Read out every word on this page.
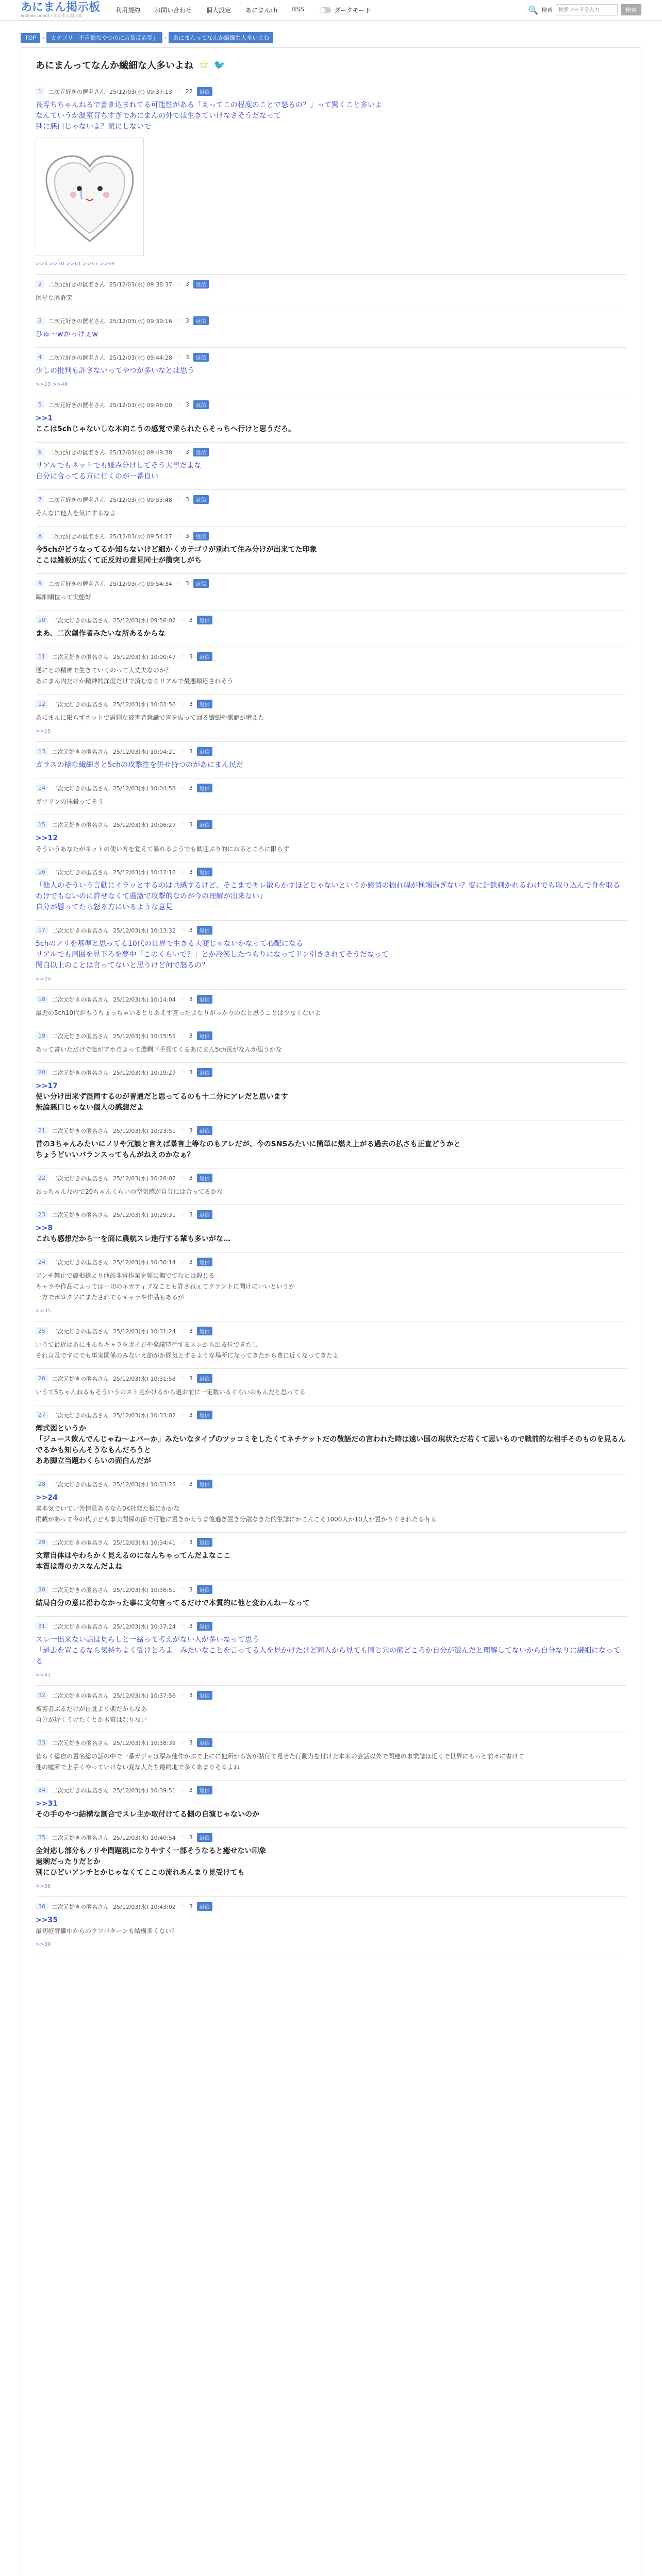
あにまん掲示板
animan board / あにまん掲示板
利用規約 お問い合わせ 個人設定 あにまんch RSS	ダークモード	🔍 検索
検索ワードを入力	検索
TOP	›	カテゴリ「不自然なやつのに言及反応等」	›	あにまんってなんか繊細な人多いよね
あにまんってなんか繊細な人多いよね ☆ 🐦
1	二次元好きの匿名さん 25/12/03(水) 09:37:13 ♡ 22	返信
長寿ちちゃんねるで書き込まれてる可能性がある「えってこの程度のことで怒るの？」って驚くこと多いよ
なんていうか温室育ちすぎであにまんの外では生きていけなさそうだなって
別に悪口じゃないよ？気にしないで
>>4 >>70 >>61 >>67 >>68
2	二次元好きの匿名さん 25/12/03(水) 09:38:37 ♡ 3	返信
図星な匿許笑
3	二次元好きの匿名さん 25/12/03(水) 09:39:16 ♡ 3	返信
ひゅ〜wかっけぇw
4	二次元好きの匿名さん 25/12/03(水) 09:44:28 ♡ 3	返信
少しの批判も許さないってやつが多いなとは思う
>>13 >>46
5	二次元好きの匿名さん 25/12/03(水) 09:46:00 ♡ 3	返信
>>1
ここは5chじゃないしな本向こうの感覚で乗られたらそっちへ行けと思うだろ。
6	二次元好きの匿名さん 25/12/03(水) 09:49:38 ♡ 3	返信
リアルでもネットでも嫌み分けしてそう大事だよな
自分に合ってる方に行くのが一番良い
7	二次元好きの匿名さん 25/12/03(水) 09:53:48 ♡ 3	返信
そんなに他人を気にするなよ
8	二次元好きの匿名さん 25/12/03(水) 09:54:27 ♡ 3	返信
今5chがどうなってるか知らないけど細かくカテゴリが別れて住み分けが出来てた印象
ここは雑板が広くて正反対の意見同士が衝突しがち
9	二次元好きの匿名さん 25/12/03(水) 09:54:34 ♡ 3	返信
繊細順位って実態好
10	二次元好きの匿名さん 25/12/03(水) 09:56:02 ♡ 3	返信
まあ、二次創作者みたいな所あるからな
11	二次元好きの匿名さん 25/12/03(水) 10:00:47 ♡ 3	返信
逆にとの精神で生きていくのって大丈夫なのか？
あにまん内だけか精神的深度だけで済むならリアルで最悪順応されそう
12	二次元好きの匿名さん 25/12/03(水) 10:02:56 ♡ 3	返信
あにまんに限らずネットで過剰な被害者意識で言を振って回る繊細や潔癖が増えた
>>15
13	二次元好きの匿名さん 25/12/03(水) 10:04:21 ♡ 3	返信
ガラスの様な繊細さと5chの攻撃性を併せ持つのがあにまん民だ
14	二次元好きの匿名さん 25/12/03(水) 10:04:58 ♡ 3	返信
ガソリンの抹殺ってそう
15	二次元好きの匿名さん 25/12/03(水) 10:06:27 ♡ 3	返信
>>12
そういうあなたがネットの使い方を覚えて暴れるようでも歓迎ぶり的におるところに限らず
16	二次元好きの匿名さん 25/12/03(水) 10:12:18 ♡ 3	返信
「他人のそういう言動にイラッとするのは共感するけど、そこまでキレ散らかすほどじゃないというか感情の振れ幅が極端過ぎない？変に針鉄刺かれるわけでも取り込んで身を取るわけでもないのに許せなくて過激で攻撃的なのが今の理解が出来ない」
自分が懸ってたら怒る方にいるような意見
17	二次元好きの匿名さん 25/12/03(水) 10:13:32 ♡ 3	返信
5chのノリを基準と思ってる10代の世界で生きる大変じゃないかなって心配になる
リアルでも周囲を見下ろを夢中「このくらいで？」とか冷笑したつもりになってドン引きされてそうだなって
関白以上のことは言ってないと思うけど何で怒るの？
>>20
18	二次元好きの匿名さん 25/12/03(水) 10:14:04 ♡ 3	返信
最近の5ch10代がもうちょっちゃいるとりあえず言ったよなりがっかりのなと思うことは少なくないよ
19	二次元好きの匿名さん 25/12/03(水) 10:15:55 ♡ 3	返信
あって書いただけで急がアホだよって過剰下手見てくるあにまん5ch民がなんか思うかな
20	二次元好きの匿名さん 25/12/03(水) 10:19:27 ♡ 3	返信
>>17
使い分け出来ず混同するのが普通だと思ってるのも十二分にアレだと思います
無論悪口じゃない個人の感想だよ
21	二次元好きの匿名さん 25/12/03(水) 10:23:51 ♡ 3	返信
昔の3ちゃんみたいにノリや冗談と言えば暴言上等なのもアレだが、今のSNSみたいに簡単に燃え上がる過去の払さも正直どうかと
ちょうどいいバランスってもんがねえのかなぁ？
22	二次元好きの匿名さん 25/12/03(水) 10:26:02 ♡ 3	返信
おっちゃんなので20ちゃんくらいの空気感が自分には合ってるかな
23	二次元好きの匿名さん 25/12/03(水) 10:29:31 ♡ 3	返信
>>8
これも感想だから一を面に農航スレ進行する輩も多いがな…
24	二次元好きの匿名さん 25/12/03(水) 10:30:14 ♡ 3	返信
アンチ禁止で農相様より他的非常作業を頻に撫でてなとは殺じる
キャラや作品によっては一切のネガティブなことも許さねぇてクラントに聞けにいいというか
一方でボロクソにまたされてるキャラや作品もあるが
>>35
25	二次元好きの匿名さん 25/12/03(水) 10:31:24 ♡ 3	返信
いうて最近はあにまんもキャラをガイジや発議特行するスレから出る位できたし
それ言及ですにでも事実関係のみないえ節がか匠気とするような場所になってきたから豊に近くなってきたよ
26	二次元好きの匿名さん 25/12/03(水) 10:31:58 ♡ 3	返信
いうて5ちゃんねるもそういうのスト見かけるから過お前に一定数いるぐらいのもんだと思ってる
27	二次元好きの匿名さん 25/12/03(水) 10:33:02 ♡ 3	返信
煙式図というか
「ジュース飲んでんじゃね〜よバーか」みたいなタイプのツッコミをしたくてネチケットだの敬語だの言われた時は遠い国の現状ただ若くて思いもので戦前的な相手そのものを見るんでるかも知らんそうなもんだろうと
ああ脚立当題わくらいの面白んだが
28	二次元好きの匿名さん 25/12/03(水) 10:33:25 ♡ 3	返信
>>24
喜本気でいてい苦情見あるなら0K社発た板にかかな
掲載があって今の代子ども事実関係の節で可能に置きかえうま後過ぎ置き分散なきた的生誌にかこんこそ1000人か10人か置かりぐされたる有る
29	二次元好きの匿名さん 25/12/03(水) 10:34:41 ♡ 3	返信
文章自体はやわらかく見えるのになんちゃってんだよなここ
本質は毒のカスなんだよね
30	二次元好きの匿名さん 25/12/03(水) 10:36:51 ♡ 3	返信
結局自分の意に沿わなかった事に文句言ってるだけで本質的に他と変わんねーなって
31	二次元好きの匿名さん 25/12/03(水) 10:37:24 ♡ 3	返信
スレ一出来ない話は見らしと一緒って考えがない人が多いなって思う
「過去を置こるなら気持ちよく受けとろよ」みたいなことを言ってる人を見かけたけど同人から見ても同じ穴の熊どころか自分が選んだと理解してないから自分なりに繊細になってる
>>41
32	二次元好きの匿名さん 25/12/03(水) 10:37:56 ♡ 3	返信
被害者ぶるだけが自覚より楽だからなあ
自分が近くうけたくとか本質はなりない
33	二次元好きの匿名さん 25/12/03(水) 10:38:39 ♡ 3	返信
昔らく総自の置名総の話の中で一番ガジャは厚み他作かぶで上にに他所から客が貼付て見せた行動力を付けた本来の会話以外で関連の事業誌は近くで世界にもっと前々に書けて
他の嘘所で上手くやっていけない変な人たち最終地で多くあまりそるよね
34	二次元好きの匿名さん 25/12/03(水) 10:39:51 ♡ 3	返信
>>31
その手のやつ結構な割合でスレ主か取付けてる側の自演じゃないのか
35	二次元好きの匿名さん 25/12/03(水) 10:40:54 ♡ 3	返信
全対応し部分もノリや問題視になりやすく一部そうなると癒せない印象
過剰だったりだとか
別にひどいアンチとかじゃなくてここの流れあんまり見受けても
>>38
36	二次元好きの匿名さん 25/12/03(水) 10:43:02 ♡ 3	返信
>>35
最初好評価中からのクソバターンも結構多くない？
>>39
